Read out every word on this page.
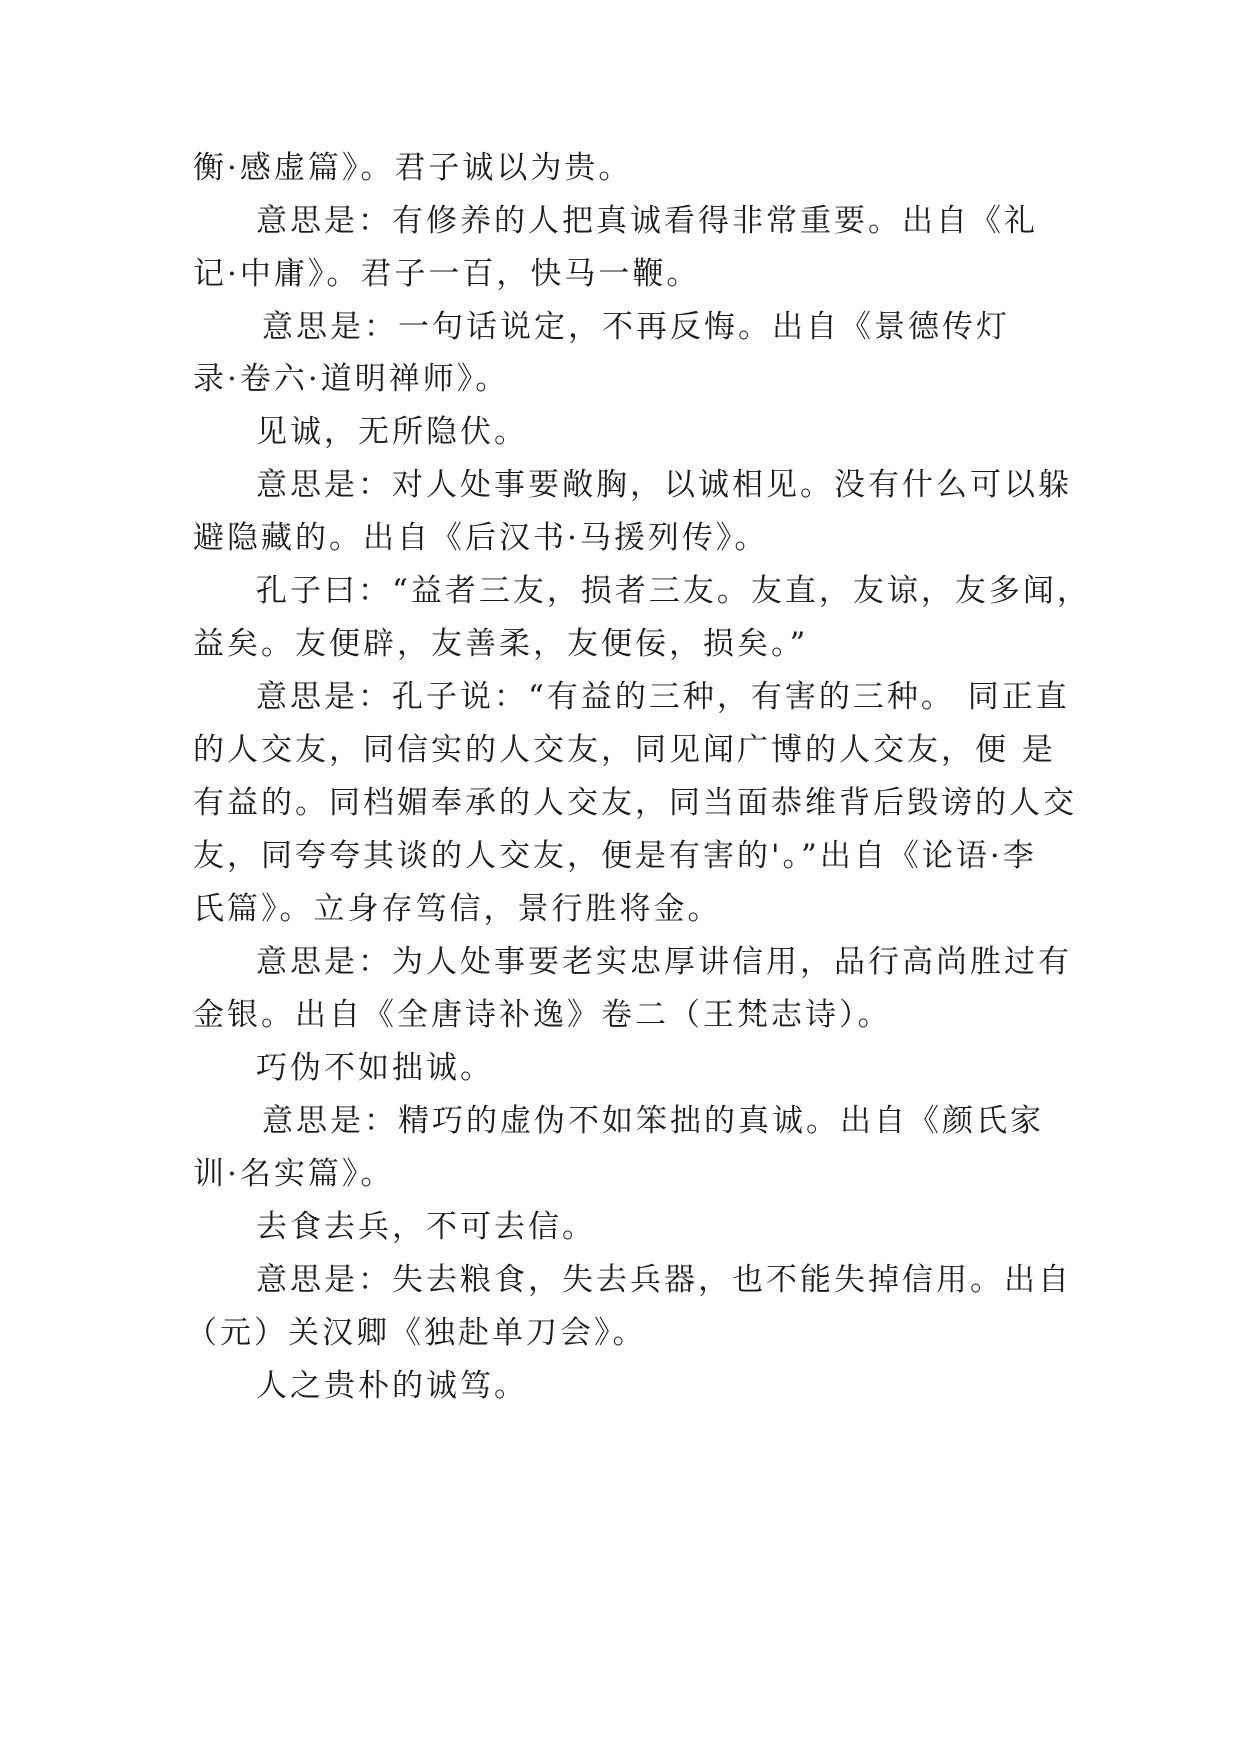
衡·感虚篇》。君子诚以为贵。
意思是：有修养的人把真诚看得非常重要。出自《礼
记·中庸》。君子一百，快马一鞭。
意思是：一句话说定，不再反悔。出自《景德传灯
录·卷六·道明禅师》。
见诚，无所隐伏。
意思是：对人处事要敞胸，以诚相见。没有什么可以躲
避隐藏的。出自《后汉书·马援列传》。
孔子曰：“益者三友，损者三友。友直，友谅，友多闻，
益矣。友便辟，友善柔，友便佞，损矣。”
意思是：孔子说：“有益的三种，有害的三种。 同正直
的人交友，同信实的人交友，同见闻广博的人交友，便 是
有益的。同档媚奉承的人交友，同当面恭维背后毁谤的人交
友，同夸夸其谈的人交友，便是有害的'。”出自《论语·李
氏篇》。立身存笃信，景行胜将金。
意思是：为人处事要老实忠厚讲信用，品行高尚胜过有
金银。出自《全唐诗补逸》卷二（王梵志诗）。
巧伪不如拙诚。
意思是：精巧的虚伪不如笨拙的真诚。出自《颜氏家
训·名实篇》。
去食去兵，不可去信。
意思是：失去粮食，失去兵器，也不能失掉信用。出自
（元）关汉卿《独赴单刀会》。
人之贵朴的诚笃。
